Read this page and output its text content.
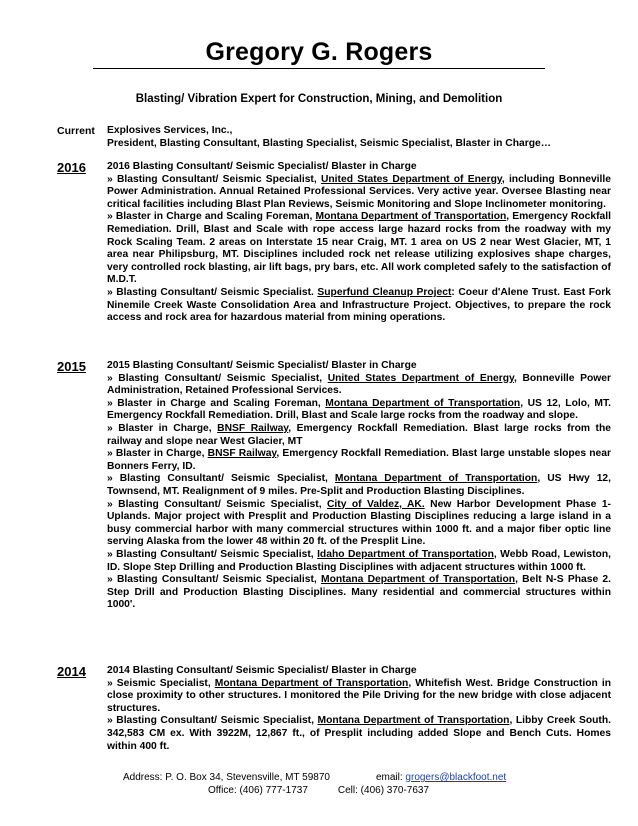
Gregory G. Rogers
Blasting/ Vibration Expert for Construction, Mining, and Demolition
Current Explosives Services, Inc.,
President, Blasting Consultant, Blasting Specialist, Seismic Specialist, Blaster in Charge…
2016 2016 Blasting Consultant/ Seismic Specialist/ Blaster in Charge
» Blasting Consultant/ Seismic Specialist, United States Department of Energy, including Bonneville Power Administration. Annual Retained Professional Services. Very active year. Oversee Blasting near critical facilities including Blast Plan Reviews, Seismic Monitoring and Slope Inclinometer monitoring.
» Blaster in Charge and Scaling Foreman, Montana Department of Transportation, Emergency Rockfall Remediation. Drill, Blast and Scale with rope access large hazard rocks from the roadway with my Rock Scaling Team. 2 areas on Interstate 15 near Craig, MT. 1 area on US 2 near West Glacier, MT, 1 area near Philipsburg, MT. Disciplines included rock net release utilizing explosives shape charges, very controlled rock blasting, air lift bags, pry bars, etc. All work completed safely to the satisfaction of M.D.T.
» Blasting Consultant/ Seismic Specialist. Superfund Cleanup Project: Coeur d'Alene Trust. East Fork Ninemile Creek Waste Consolidation Area and Infrastructure Project. Objectives, to prepare the rock access and rock area for hazardous material from mining operations.
2015 2015 Blasting Consultant/ Seismic Specialist/ Blaster in Charge
» Blasting Consultant/ Seismic Specialist, United States Department of Energy, Bonneville Power Administration, Retained Professional Services.
» Blaster in Charge and Scaling Foreman, Montana Department of Transportation, US 12, Lolo, MT. Emergency Rockfall Remediation. Drill, Blast and Scale large rocks from the roadway and slope.
» Blaster in Charge, BNSF Railway, Emergency Rockfall Remediation. Blast large rocks from the railway and slope near West Glacier, MT
» Blaster in Charge, BNSF Railway, Emergency Rockfall Remediation. Blast large unstable slopes near Bonners Ferry, ID.
» Blasting Consultant/ Seismic Specialist, Montana Department of Transportation, US Hwy 12, Townsend, MT. Realignment of 9 miles. Pre-Split and Production Blasting Disciplines.
» Blasting Consultant/ Seismic Specialist, City of Valdez, AK. New Harbor Development Phase 1- Uplands. Major project with Presplit and Production Blasting Disciplines reducing a large island in a busy commercial harbor with many commercial structures within 1000 ft. and a major fiber optic line serving Alaska from the lower 48 within 20 ft. of the Presplit Line.
» Blasting Consultant/ Seismic Specialist, Idaho Department of Transportation, Webb Road, Lewiston, ID. Slope Step Drilling and Production Blasting Disciplines with adjacent structures within 1000 ft.
» Blasting Consultant/ Seismic Specialist, Montana Department of Transportation, Belt N-S Phase 2. Step Drill and Production Blasting Disciplines. Many residential and commercial structures within 1000'.
2014 2014 Blasting Consultant/ Seismic Specialist/ Blaster in Charge
» Seismic Specialist, Montana Department of Transportation, Whitefish West. Bridge Construction in close proximity to other structures. I monitored the Pile Driving for the new bridge with close adjacent structures.
» Blasting Consultant/ Seismic Specialist, Montana Department of Transportation, Libby Creek South. 342,583 CM ex. With 3922M, 12,867 ft., of Presplit including added Slope and Bench Cuts. Homes within 400 ft.
Address: P. O. Box 34, Stevensville, MT 59870	email: grogers@blackfoot.net
Office: (406) 777-1737	Cell: (406) 370-7637
